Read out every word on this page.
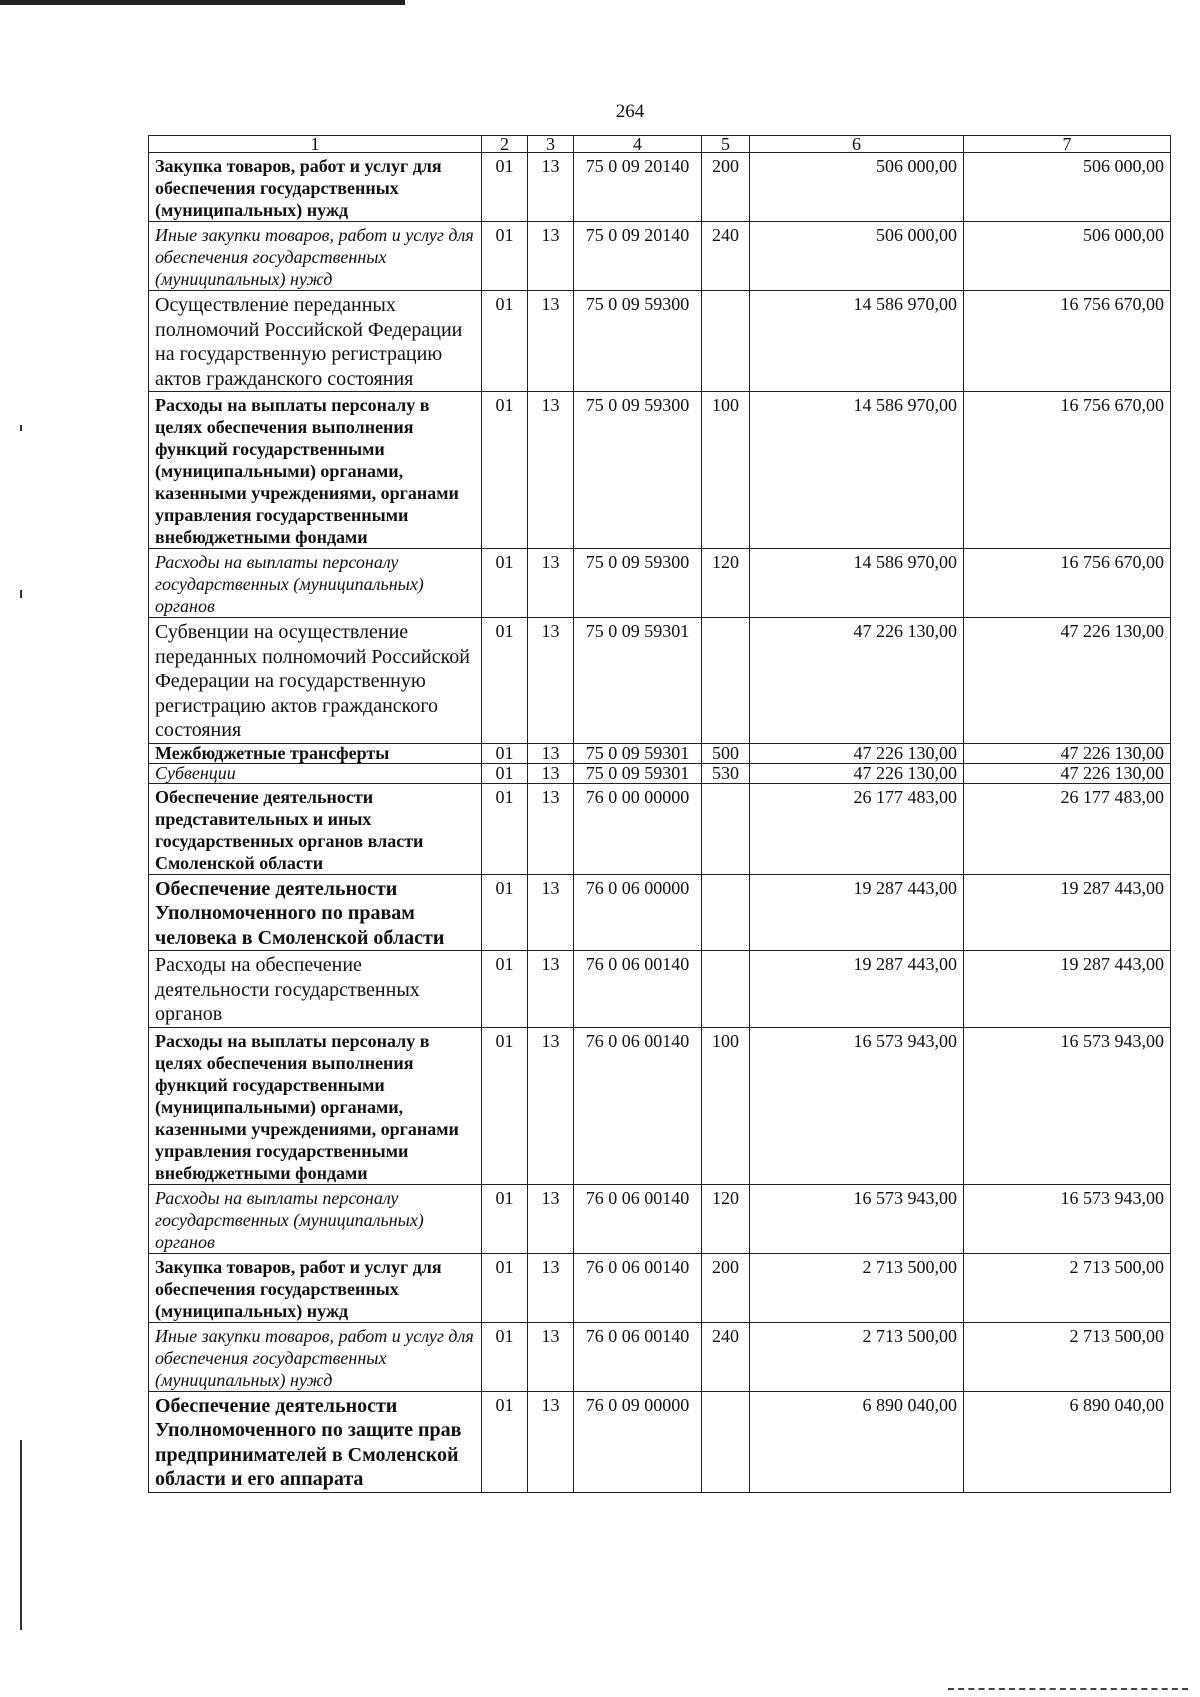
264
1	2	3	4	5	6	7
Закупка товаров, работ и услуг для обеспечения государственных (муниципальных) нужд	01	13	75 0 09 20140	200	506 000,00	506 000,00
Иные закупки товаров, работ и услуг для обеспечения государственных (муниципальных) нужд	01	13	75 0 09 20140	240	506 000,00	506 000,00
Осуществление переданных полномочий Российской Федерации на государственную регистрацию актов гражданского состояния	01	13	75 0 09 59300		14 586 970,00	16 756 670,00
Расходы на выплаты персоналу в целях обеспечения выполнения функций государственными (муниципальными) органами, казенными учреждениями, органами управления государственными внебюджетными фондами	01	13	75 0 09 59300	100	14 586 970,00	16 756 670,00
Расходы на выплаты персоналу государственных (муниципальных) органов	01	13	75 0 09 59300	120	14 586 970,00	16 756 670,00
Субвенции на осуществление переданных полномочий Российской Федерации на государственную регистрацию актов гражданского состояния	01	13	75 0 09 59301		47 226 130,00	47 226 130,00
Межбюджетные трансферты	01	13	75 0 09 59301	500	47 226 130,00	47 226 130,00
Субвенции	01	13	75 0 09 59301	530	47 226 130,00	47 226 130,00
Обеспечение деятельности представительных и иных государственных органов власти Смоленской области	01	13	76 0 00 00000		26 177 483,00	26 177 483,00
Обеспечение деятельности Уполномоченного по правам человека в Смоленской области	01	13	76 0 06 00000		19 287 443,00	19 287 443,00
Расходы на обеспечение деятельности государственных органов	01	13	76 0 06 00140		19 287 443,00	19 287 443,00
Расходы на выплаты персоналу в целях обеспечения выполнения функций государственными (муниципальными) органами, казенными учреждениями, органами управления государственными внебюджетными фондами	01	13	76 0 06 00140	100	16 573 943,00	16 573 943,00
Расходы на выплаты персоналу государственных (муниципальных) органов	01	13	76 0 06 00140	120	16 573 943,00	16 573 943,00
Закупка товаров, работ и услуг для обеспечения государственных (муниципальных) нужд	01	13	76 0 06 00140	200	2 713 500,00	2 713 500,00
Иные закупки товаров, работ и услуг для обеспечения государственных (муниципальных) нужд	01	13	76 0 06 00140	240	2 713 500,00	2 713 500,00
Обеспечение деятельности Уполномоченного по защите прав предпринимателей в Смоленской области и его аппарата	01	13	76 0 09 00000		6 890 040,00	6 890 040,00
